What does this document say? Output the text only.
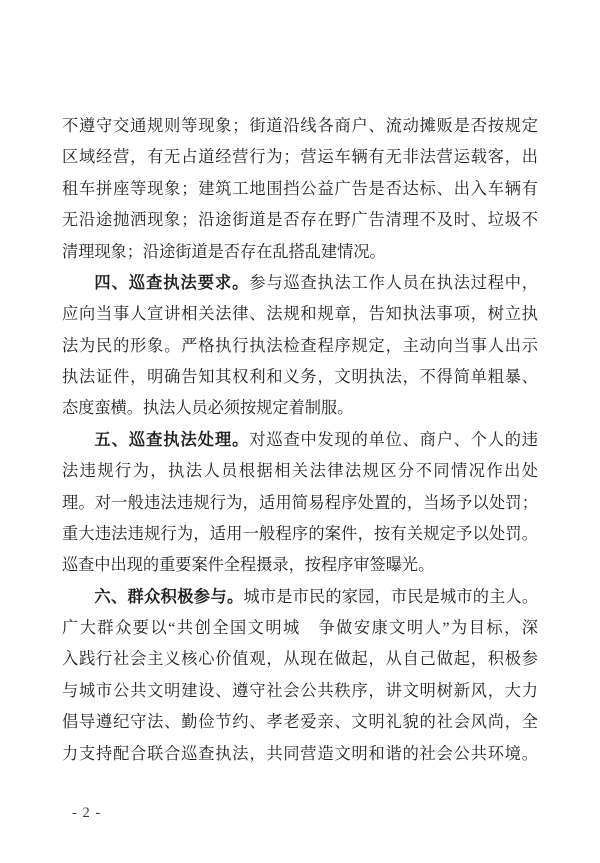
不遵守交通规则等现象；街道沿线各商户、流动摊贩是否按规定
区域经营，有无占道经营行为；营运车辆有无非法营运载客，出
租车拼座等现象；建筑工地围挡公益广告是否达标、出入车辆有
无沿途抛洒现象；沿途街道是否存在野广告清理不及时、垃圾不
清理现象；沿途街道是否存在乱搭乱建情况。
四、巡查执法要求。参与巡查执法工作人员在执法过程中，
应向当事人宣讲相关法律、法规和规章，告知执法事项，树立执
法为民的形象。严格执行执法检查程序规定，主动向当事人出示
执法证件，明确告知其权利和义务，文明执法，不得简单粗暴、
态度蛮横。执法人员必须按规定着制服。
五、巡查执法处理。对巡查中发现的单位、商户、个人的违
法违规行为，执法人员根据相关法律法规区分不同情况作出处
理。对一般违法违规行为，适用简易程序处置的，当场予以处罚；
重大违法违规行为，适用一般程序的案件，按有关规定予以处罚。
巡查中出现的重要案件全程摄录，按程序审签曝光。
六、群众积极参与。城市是市民的家园，市民是城市的主人。
广大群众要以“共创全国文明城　争做安康文明人”为目标，深
入践行社会主义核心价值观，从现在做起，从自己做起，积极参
与城市公共文明建设、遵守社会公共秩序，讲文明树新风，大力
倡导遵纪守法、勤俭节约、孝老爱亲、文明礼貌的社会风尚，全
力支持配合联合巡查执法，共同营造文明和谐的社会公共环境。
- 2 -
